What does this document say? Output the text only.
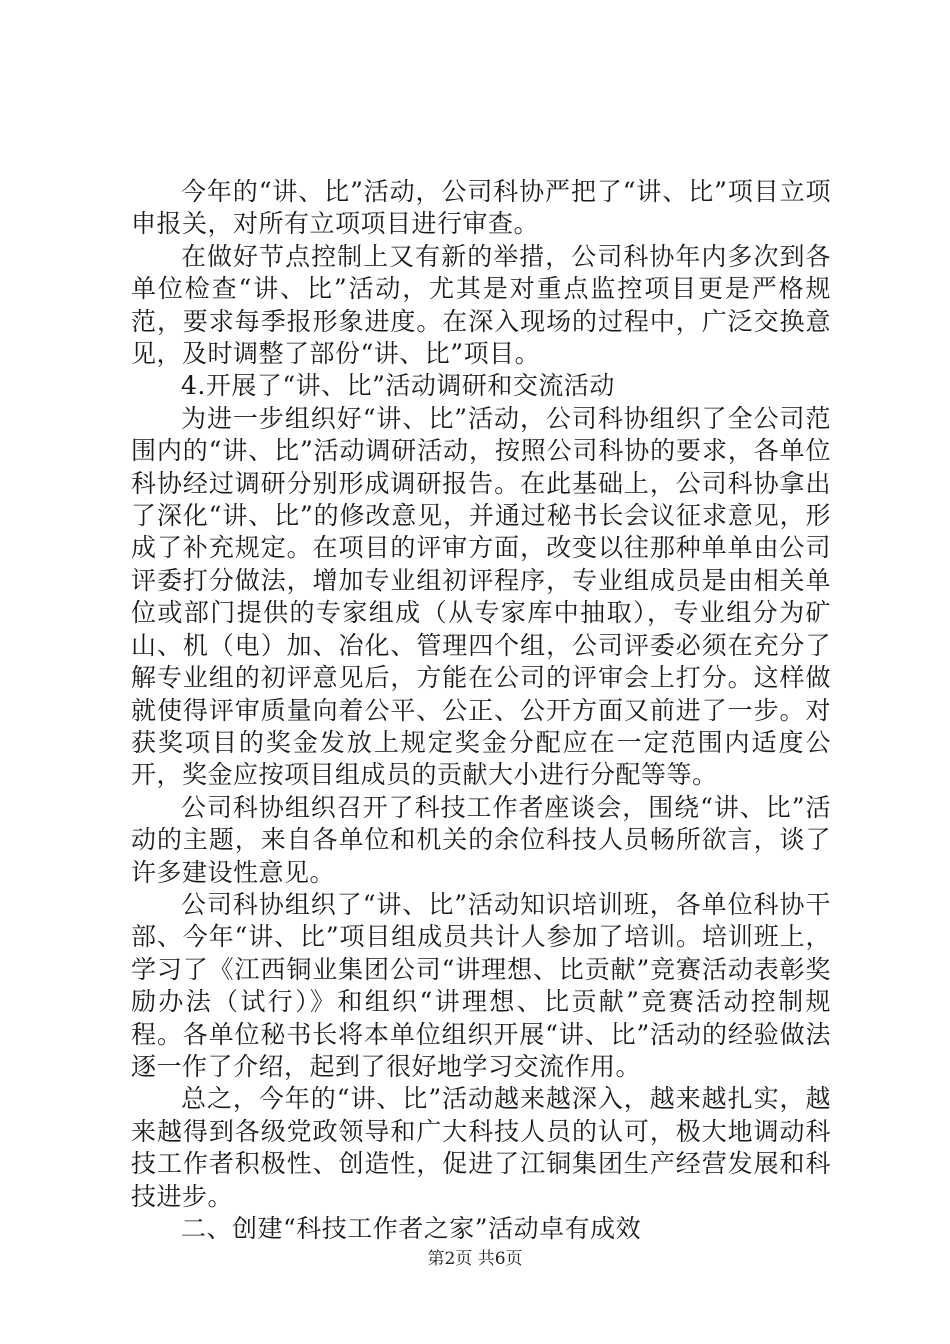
今年的“讲、比”活动，公司科协严把了“讲、比”项目立项申报关，对所有立项项目进行审查。

在做好节点控制上又有新的举措，公司科协年内多次到各单位检查“讲、比”活动，尤其是对重点监控项目更是严格规范，要求每季报形象进度。在深入现场的过程中，广泛交换意见，及时调整了部份“讲、比”项目。

4.开展了“讲、比”活动调研和交流活动

为进一步组织好“讲、比”活动，公司科协组织了全公司范围内的“讲、比”活动调研活动，按照公司科协的要求，各单位科协经过调研分别形成调研报告。在此基础上，公司科协拿出了深化“讲、比”的修改意见，并通过秘书长会议征求意见，形成了补充规定。在项目的评审方面，改变以往那种单单由公司评委打分做法，增加专业组初评程序，专业组成员是由相关单位或部门提供的专家组成（从专家库中抽取），专业组分为矿山、机（电）加、冶化、管理四个组，公司评委必须在充分了解专业组的初评意见后，方能在公司的评审会上打分。这样做就使得评审质量向着公平、公正、公开方面又前进了一步。对获奖项目的奖金发放上规定奖金分配应在一定范围内适度公开，奖金应按项目组成员的贡献大小进行分配等等。

公司科协组织召开了科技工作者座谈会，围绕“讲、比”活动的主题，来自各单位和机关的余位科技人员畅所欲言，谈了许多建设性意见。

公司科协组织了“讲、比”活动知识培训班，各单位科协干部、今年“讲、比”项目组成员共计人参加了培训。培训班上，学习了《江西铜业集团公司“讲理想、比贡献”竞赛活动表彰奖励办法（试行）》和组织“讲理想、比贡献”竞赛活动控制规程。各单位秘书长将本单位组织开展“讲、比”活动的经验做法逐一作了介绍，起到了很好地学习交流作用。

总之，今年的“讲、比”活动越来越深入，越来越扎实，越来越得到各级党政领导和广大科技人员的认可，极大地调动科技工作者积极性、创造性，促进了江铜集团生产经营发展和科技进步。

二、创建“科技工作者之家”活动卓有成效

第2页 共6页
